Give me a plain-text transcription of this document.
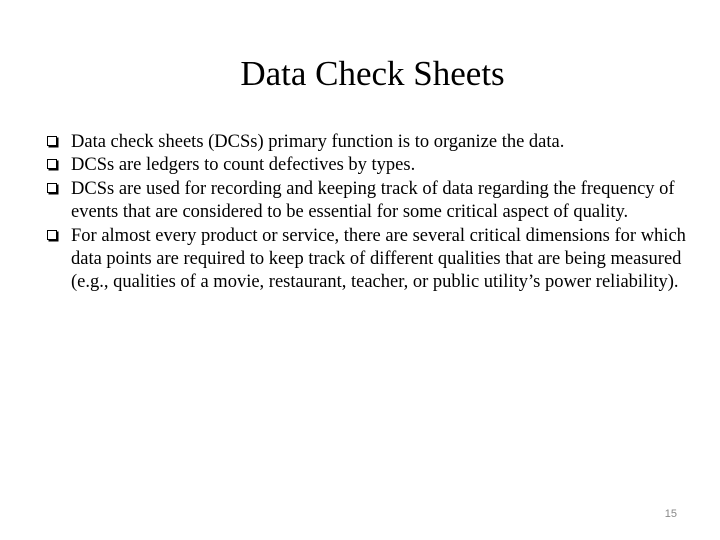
Data Check Sheets
Data check sheets (DCSs) primary function is to organize the data.
DCSs are ledgers to count defectives by types.
DCSs are used for recording and keeping track of data regarding the frequency of events that are considered to be essential for some critical aspect of quality.
For almost every product or service, there are several critical dimensions for which data points are required to keep track of different qualities that are being measured (e.g., qualities of a movie, restaurant, teacher, or public utility’s power reliability).
15
